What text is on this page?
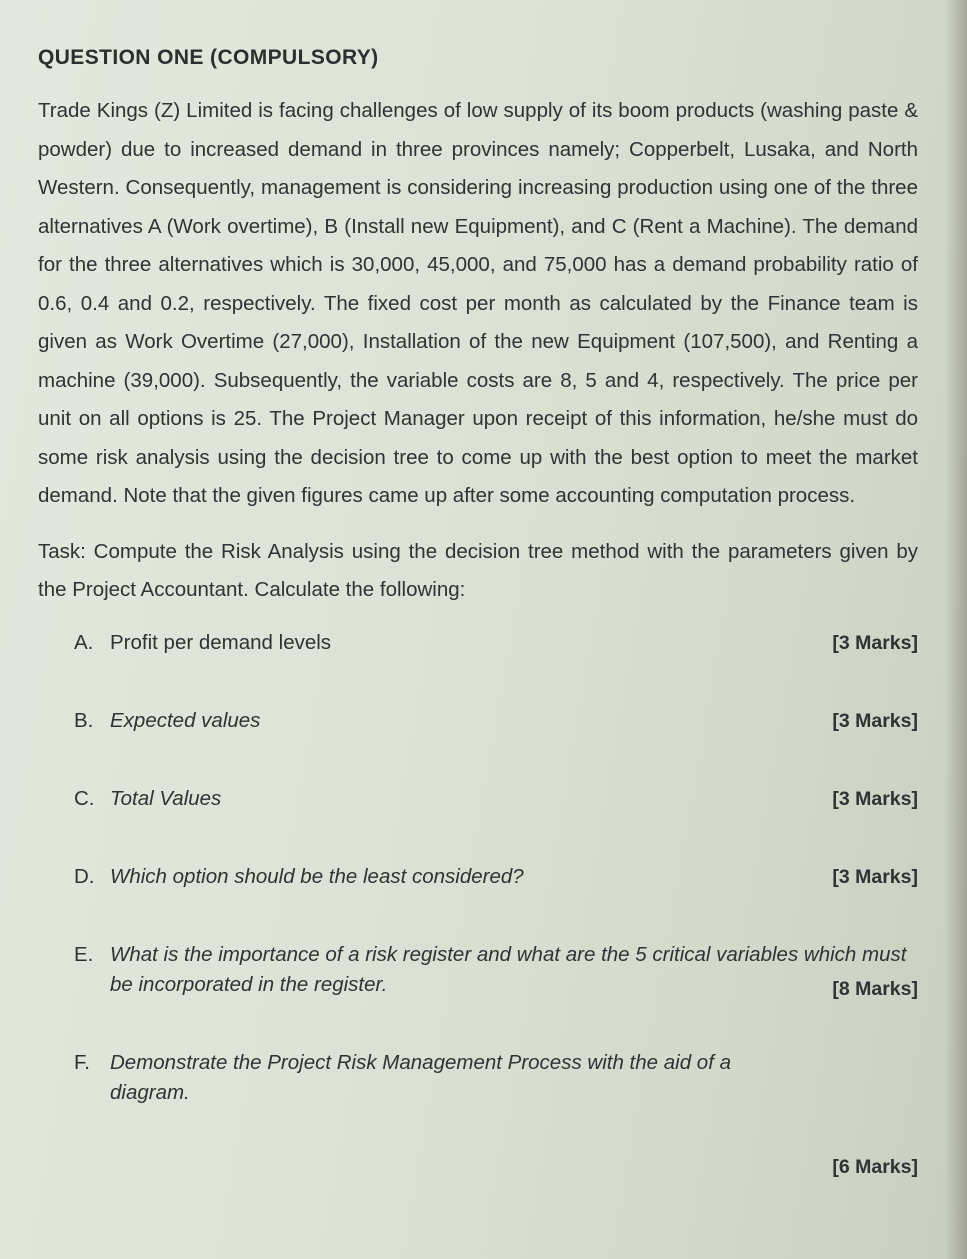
QUESTION ONE (COMPULSORY)

Trade Kings (Z) Limited is facing challenges of low supply of its boom products (washing paste & powder) due to increased demand in three provinces namely; Copperbelt, Lusaka, and North Western. Consequently, management is considering increasing production using one of the three alternatives A (Work overtime), B (Install new Equipment), and C (Rent a Machine). The demand for the three alternatives which is 30,000, 45,000, and 75,000 has a demand probability ratio of 0.6, 0.4 and 0.2, respectively. The fixed cost per month as calculated by the Finance team is given as Work Overtime (27,000), Installation of the new Equipment (107,500), and Renting a machine (39,000). Subsequently, the variable costs are 8, 5 and 4, respectively. The price per unit on all options is 25. The Project Manager upon receipt of this information, he/she must do some risk analysis using the decision tree to come up with the best option to meet the market demand. Note that the given figures came up after some accounting computation process.

Task: Compute the Risk Analysis using the decision tree method with the parameters given by the Project Accountant. Calculate the following:

A. Profit per demand levels	[3 Marks]
B. Expected values	[3 Marks]
C. Total Values	[3 Marks]
D. Which option should be the least considered?	[3 Marks]
E. What is the importance of a risk register and what are the 5 critical variables which must be incorporated in the register.	[8 Marks]
F. Demonstrate the Project Risk Management Process with the aid of a diagram.
[6 Marks]
